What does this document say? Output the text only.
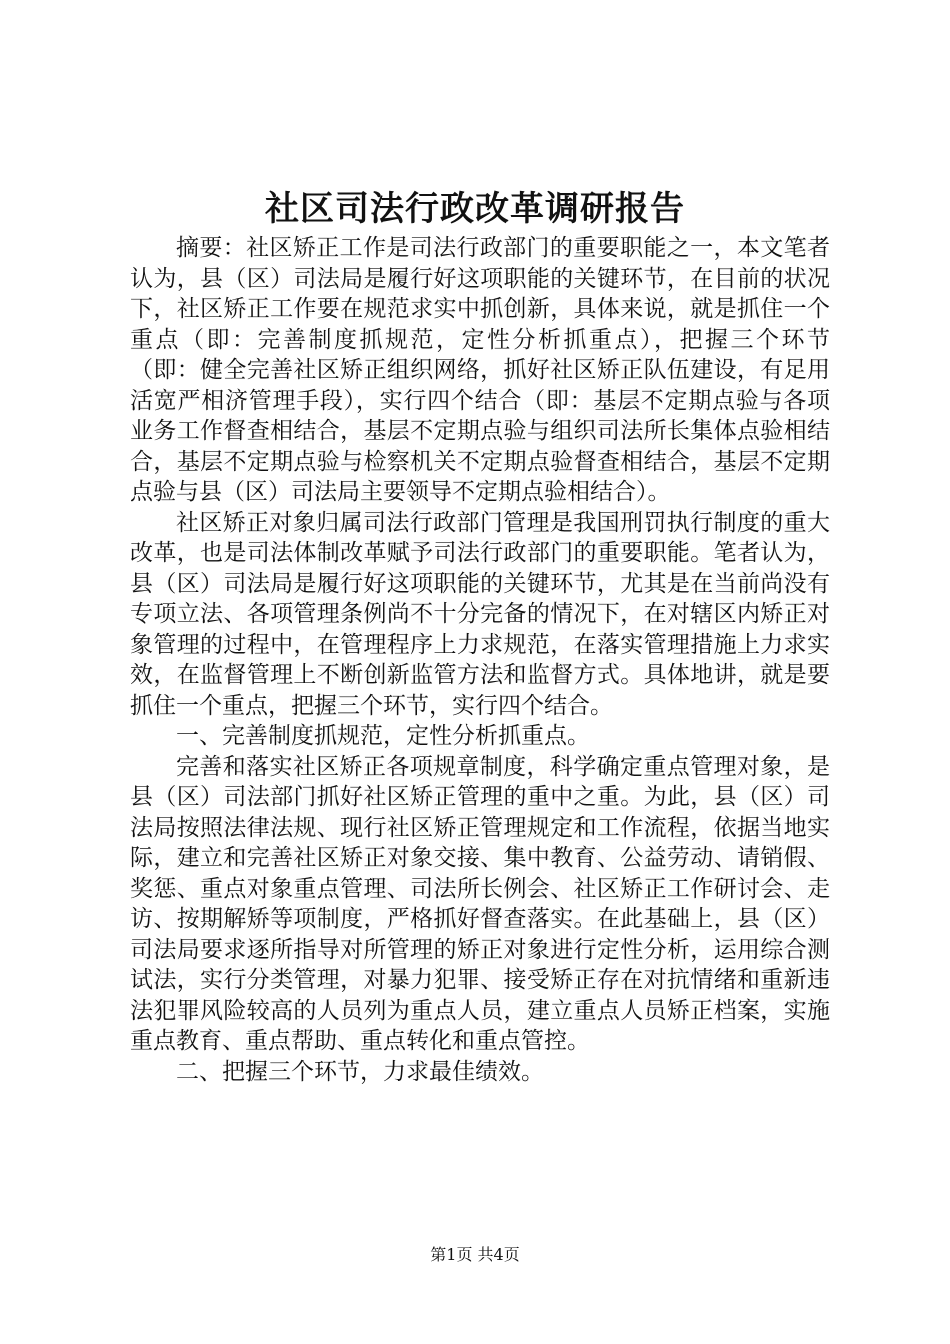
社区司法行政改革调研报告

摘要：社区矫正工作是司法行政部门的重要职能之一，本文笔者认为，县（区）司法局是履行好这项职能的关键环节，在目前的状况下，社区矫正工作要在规范求实中抓创新，具体来说，就是抓住一个重点（即：完善制度抓规范，定性分析抓重点），把握三个环节（即：健全完善社区矫正组织网络，抓好社区矫正队伍建设，有足用活宽严相济管理手段），实行四个结合（即：基层不定期点验与各项业务工作督查相结合，基层不定期点验与组织司法所长集体点验相结合，基层不定期点验与检察机关不定期点验督查相结合，基层不定期点验与县（区）司法局主要领导不定期点验相结合）。

社区矫正对象归属司法行政部门管理是我国刑罚执行制度的重大改革，也是司法体制改革赋予司法行政部门的重要职能。笔者认为，县（区）司法局是履行好这项职能的关键环节，尤其是在当前尚没有专项立法、各项管理条例尚不十分完备的情况下，在对辖区内矫正对象管理的过程中，在管理程序上力求规范，在落实管理措施上力求实效，在监督管理上不断创新监管方法和监督方式。具体地讲，就是要抓住一个重点，把握三个环节，实行四个结合。

一、完善制度抓规范，定性分析抓重点。

完善和落实社区矫正各项规章制度，科学确定重点管理对象，是县（区）司法部门抓好社区矫正管理的重中之重。为此，县（区）司法局按照法律法规、现行社区矫正管理规定和工作流程，依据当地实际，建立和完善社区矫正对象交接、集中教育、公益劳动、请销假、奖惩、重点对象重点管理、司法所长例会、社区矫正工作研讨会、走访、按期解矫等项制度，严格抓好督查落实。在此基础上，县（区）司法局要求逐所指导对所管理的矫正对象进行定性分析，运用综合测试法，实行分类管理，对暴力犯罪、接受矫正存在对抗情绪和重新违法犯罪风险较高的人员列为重点人员，建立重点人员矫正档案，实施重点教育、重点帮助、重点转化和重点管控。

二、把握三个环节，力求最佳绩效。

第1页 共4页
